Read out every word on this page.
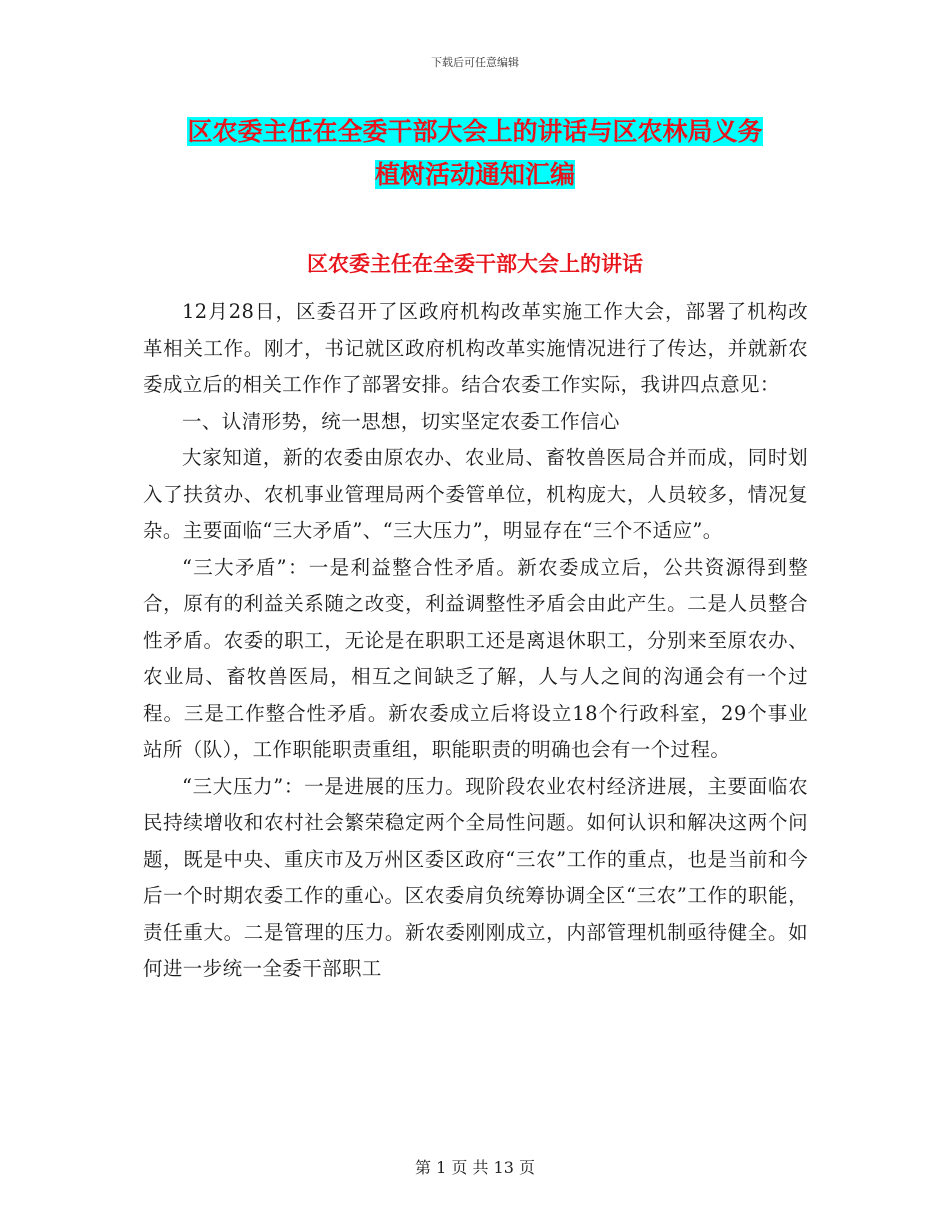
下载后可任意编辑
区农委主任在全委干部大会上的讲话与区农林局义务
植树活动通知汇编
区农委主任在全委干部大会上的讲话

12月28日，区委召开了区政府机构改革实施工作大会，部署了机构改革相关工作。刚才，书记就区政府机构改革实施情况进行了传达，并就新农委成立后的相关工作作了部署安排。结合农委工作实际，我讲四点意见：

一、认清形势，统一思想，切实坚定农委工作信心

大家知道，新的农委由原农办、农业局、畜牧兽医局合并而成，同时划入了扶贫办、农机事业管理局两个委管单位，机构庞大，人员较多，情况复杂。主要面临“三大矛盾”、“三大压力”，明显存在“三个不适应”。

“三大矛盾”：一是利益整合性矛盾。新农委成立后，公共资源得到整合，原有的利益关系随之改变，利益调整性矛盾会由此产生。二是人员整合性矛盾。农委的职工，无论是在职职工还是离退休职工，分别来至原农办、农业局、畜牧兽医局，相互之间缺乏了解，人与人之间的沟通会有一个过程。三是工作整合性矛盾。新农委成立后将设立18个行政科室，29个事业站所（队），工作职能职责重组，职能职责的明确也会有一个过程。

“三大压力”：一是进展的压力。现阶段农业农村经济进展，主要面临农民持续增收和农村社会繁荣稳定两个全局性问题。如何认识和解决这两个问题，既是中央、重庆市及万州区委区政府“三农”工作的重点，也是当前和今后一个时期农委工作的重心。区农委肩负统筹协调全区“三农”工作的职能，责任重大。二是管理的压力。新农委刚刚成立，内部管理机制亟待健全。如何进一步统一全委干部职工

第 1 页 共 13 页
